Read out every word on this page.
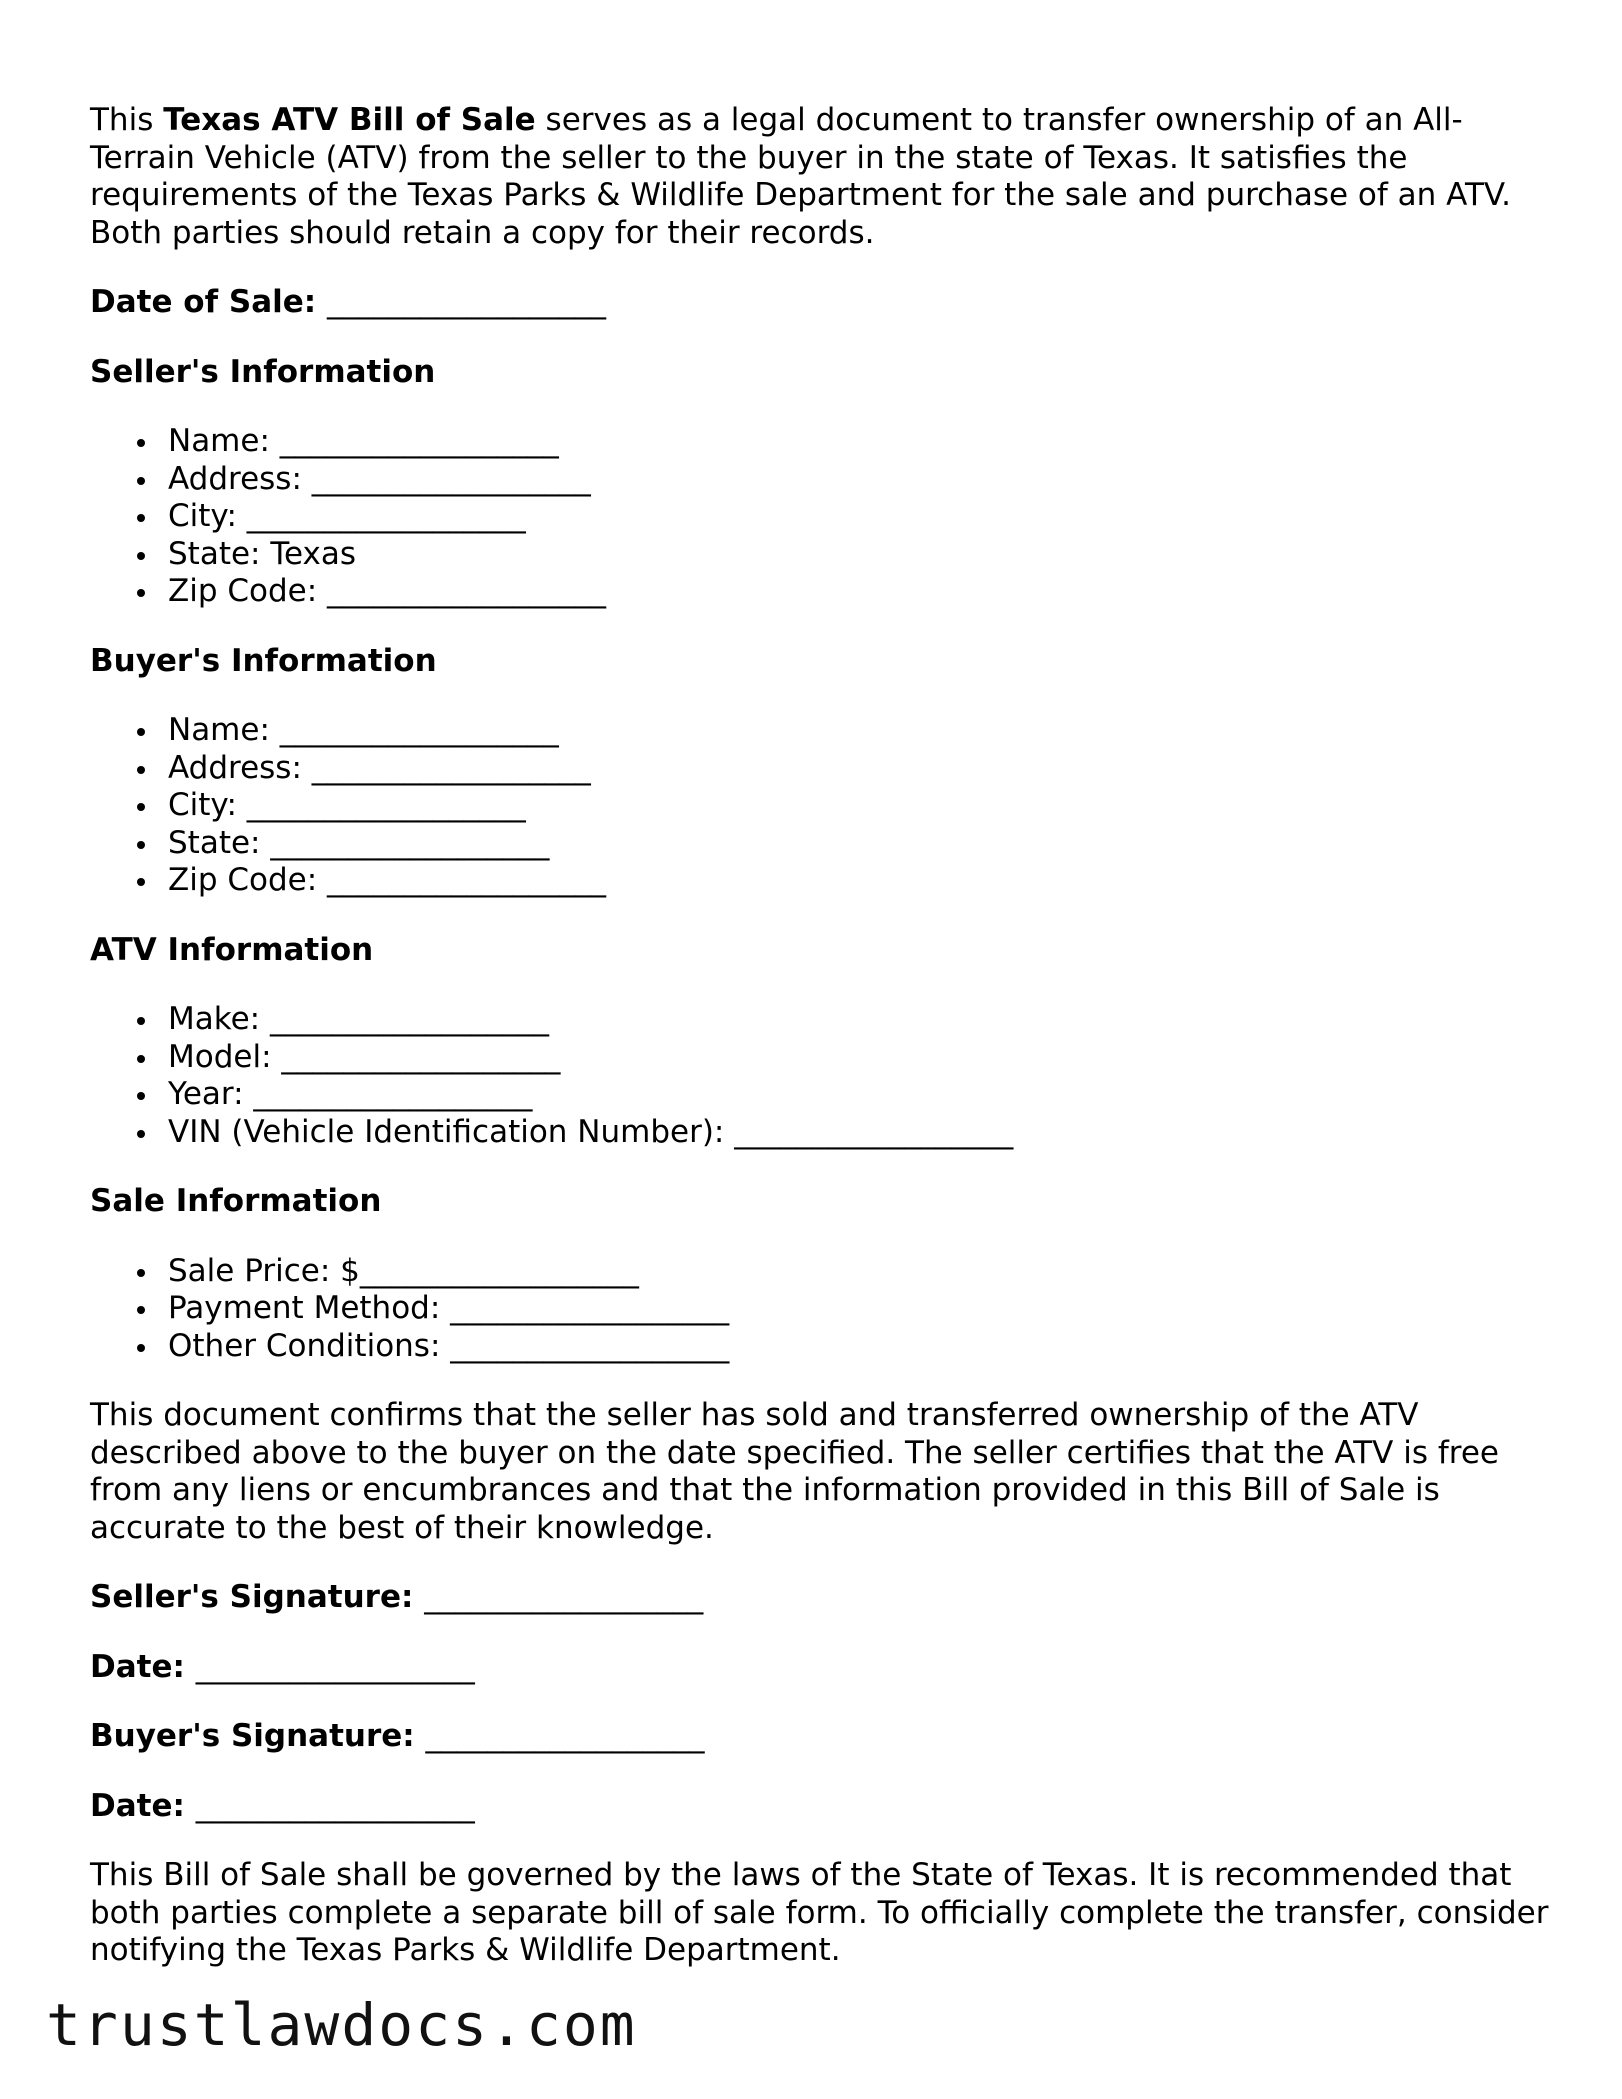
This Texas ATV Bill of Sale serves as a legal document to transfer ownership of an All-Terrain Vehicle (ATV) from the seller to the buyer in the state of Texas. It satisfies the requirements of the Texas Parks & Wildlife Department for the sale and purchase of an ATV. Both parties should retain a copy for their records.

Date of Sale: __________________

Seller's Information

Name: __________________
Address: __________________
City: __________________
State: Texas
Zip Code: __________________

Buyer's Information

Name: __________________
Address: __________________
City: __________________
State: __________________
Zip Code: __________________

ATV Information

Make: __________________
Model: __________________
Year: __________________
VIN (Vehicle Identification Number): __________________

Sale Information

Sale Price: $__________________
Payment Method: __________________
Other Conditions: __________________

This document confirms that the seller has sold and transferred ownership of the ATV described above to the buyer on the date specified. The seller certifies that the ATV is free from any liens or encumbrances and that the information provided in this Bill of Sale is accurate to the best of their knowledge.

Seller's Signature: __________________

Date: __________________

Buyer's Signature: __________________

Date: __________________

This Bill of Sale shall be governed by the laws of the State of Texas. It is recommended that both parties complete a separate bill of sale form. To officially complete the transfer, consider notifying the Texas Parks & Wildlife Department.

trustlawdocs.com
